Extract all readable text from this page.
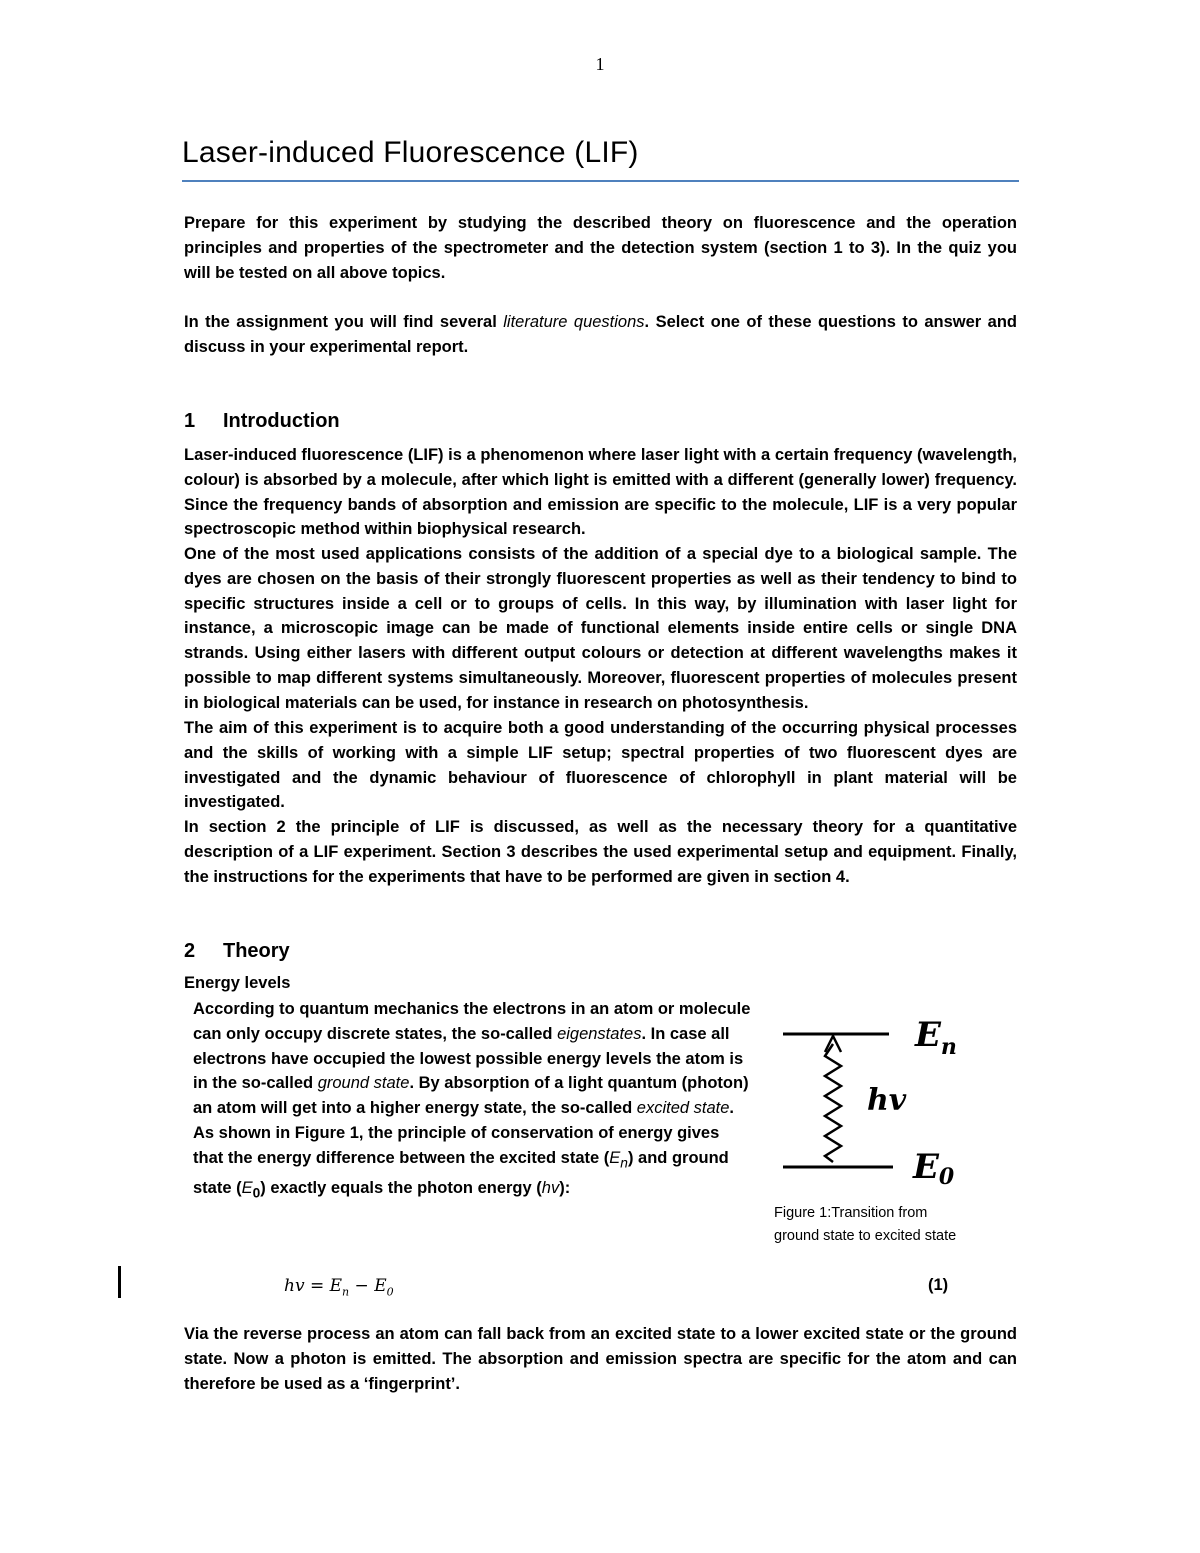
1
Laser-induced Fluorescence (LIF)

Prepare for this experiment by studying the described theory on fluorescence and the operation principles and properties of the spectrometer and the detection system (section 1 to 3). In the quiz you will be tested on all above topics.

In the assignment you will find several literature questions. Select one of these questions to answer and discuss in your experimental report.

1 Introduction

Laser-induced fluorescence (LIF) is a phenomenon where laser light with a certain frequency (wavelength, colour) is absorbed by a molecule, after which light is emitted with a different (generally lower) frequency. Since the frequency bands of absorption and emission are specific to the molecule, LIF is a very popular spectroscopic method within biophysical research.

One of the most used applications consists of the addition of a special dye to a biological sample. The dyes are chosen on the basis of their strongly fluorescent properties as well as their tendency to bind to specific structures inside a cell or to groups of cells. In this way, by illumination with laser light for instance, a microscopic image can be made of functional elements inside entire cells or single DNA strands. Using either lasers with different output colours or detection at different wavelengths makes it possible to map different systems simultaneously. Moreover, fluorescent properties of molecules present in biological materials can be used, for instance in research on photosynthesis.

The aim of this experiment is to acquire both a good understanding of the occurring physical processes and the skills of working with a simple LIF setup; spectral properties of two fluorescent dyes are investigated and the dynamic behaviour of fluorescence of chlorophyll in plant material will be investigated.

In section 2 the principle of LIF is discussed, as well as the necessary theory for a quantitative description of a LIF experiment. Section 3 describes the used experimental setup and equipment. Finally, the instructions for the experiments that have to be performed are given in section 4.

2 Theory

Energy levels

According to quantum mechanics the electrons in an atom or molecule can only occupy discrete states, the so-called eigenstates. In case all electrons have occupied the lowest possible energy levels the atom is in the so-called ground state. By absorption of a light quantum (photon) an atom will get into a higher energy state, the so-called excited state. As shown in Figure 1, the principle of conservation of energy gives that the energy difference between the excited state $(E_n)$ and ground state $(E_0)$ exactly equals the photon energy (hv):

$E_n$
hv
E0

Figure 1:Transition from ground state to excited state

hv = $E_n - E_0$	(1)

Via the reverse process an atom can fall back from an excited state to a lower excited state or the ground state. Now a photon is emitted. The absorption and emission spectra are specific for the atom and can therefore be used as a ‘fingerprint’.
